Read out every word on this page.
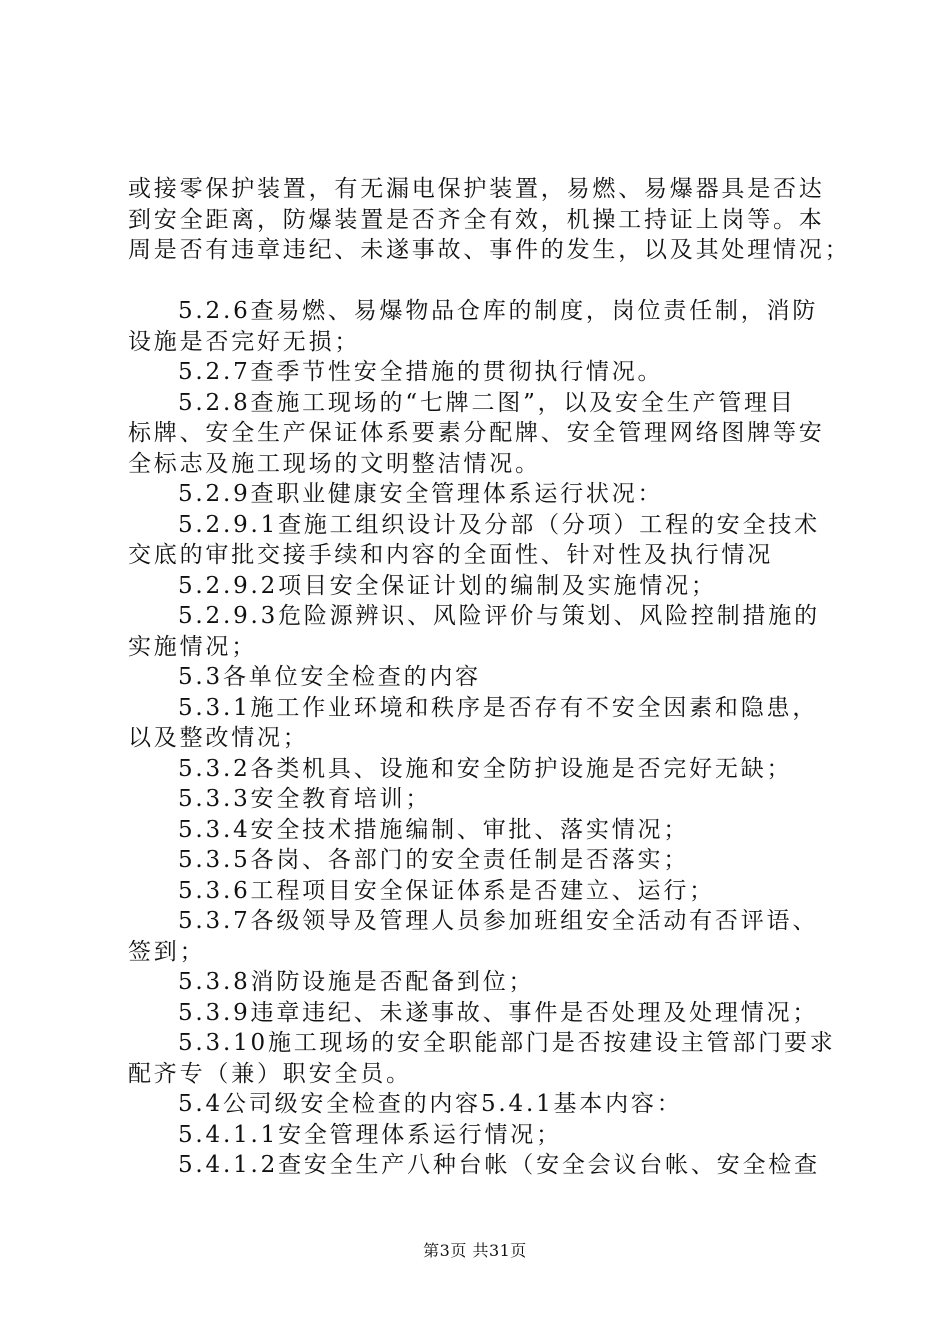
或接零保护装置，有无漏电保护装置，易燃、易爆器具是否达
到安全距离，防爆装置是否齐全有效，机操工持证上岗等。本
周是否有违章违纪、未遂事故、事件的发生，以及其处理情况；
5.2.6查易燃、易爆物品仓库的制度，岗位责任制，消防
设施是否完好无损；
5.2.7查季节性安全措施的贯彻执行情况。
5.2.8查施工现场的“七牌二图”，以及安全生产管理目
标牌、安全生产保证体系要素分配牌、安全管理网络图牌等安
全标志及施工现场的文明整洁情况。
5.2.9查职业健康安全管理体系运行状况：
5.2.9.1查施工组织设计及分部（分项）工程的安全技术
交底的审批交接手续和内容的全面性、针对性及执行情况
5.2.9.2项目安全保证计划的编制及实施情况；
5.2.9.3危险源辨识、风险评价与策划、风险控制措施的
实施情况；
5.3各单位安全检查的内容
5.3.1施工作业环境和秩序是否存有不安全因素和隐患，
以及整改情况；
5.3.2各类机具、设施和安全防护设施是否完好无缺；
5.3.3安全教育培训；
5.3.4安全技术措施编制、审批、落实情况；
5.3.5各岗、各部门的安全责任制是否落实；
5.3.6工程项目安全保证体系是否建立、运行；
5.3.7各级领导及管理人员参加班组安全活动有否评语、
签到；
5.3.8消防设施是否配备到位；
5.3.9违章违纪、未遂事故、事件是否处理及处理情况；
5.3.10施工现场的安全职能部门是否按建设主管部门要求
配齐专（兼）职安全员。
5.4公司级安全检查的内容5.4.1基本内容：
5.4.1.1安全管理体系运行情况；
5.4.1.2查安全生产八种台帐（安全会议台帐、安全检查
第3页 共31页
